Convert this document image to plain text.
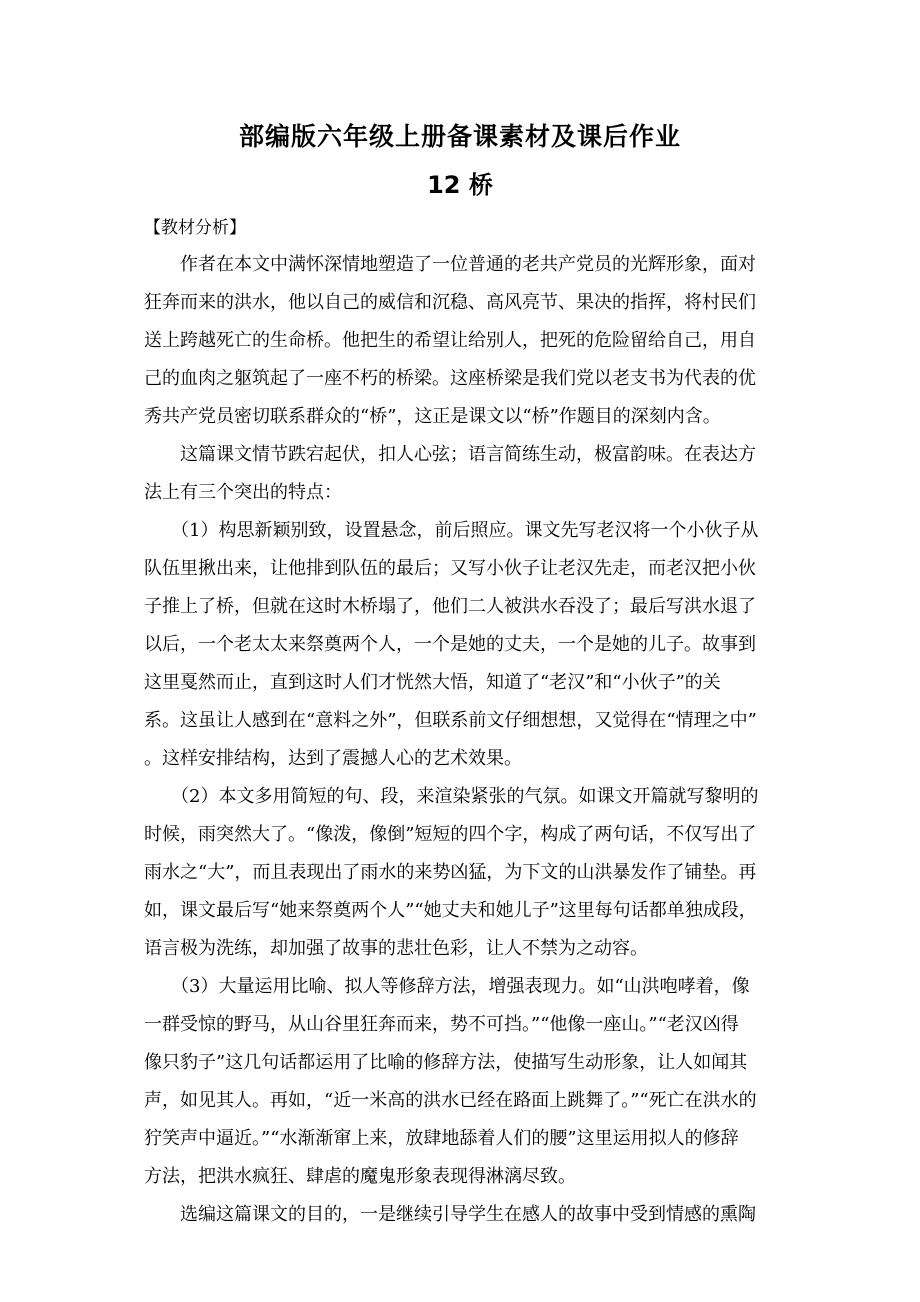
部编版六年级上册备课素材及课后作业
12 桥
【教材分析】
　　作者在本文中满怀深情地塑造了一位普通的老共产党员的光辉形象，面对
狂奔而来的洪水，他以自己的威信和沉稳、高风亮节、果决的指挥，将村民们
送上跨越死亡的生命桥。他把生的希望让给别人，把死的危险留给自己，用自
己的血肉之躯筑起了一座不朽的桥梁。这座桥梁是我们党以老支书为代表的优
秀共产党员密切联系群众的“桥”，这正是课文以“桥”作题目的深刻内含。
　　这篇课文情节跌宕起伏，扣人心弦；语言简练生动，极富韵味。在表达方
法上有三个突出的特点：
　　（1）构思新颖别致，设置悬念，前后照应。课文先写老汉将一个小伙子从
队伍里揪出来，让他排到队伍的最后；又写小伙子让老汉先走，而老汉把小伙
子推上了桥，但就在这时木桥塌了，他们二人被洪水吞没了；最后写洪水退了
以后，一个老太太来祭奠两个人，一个是她的丈夫，一个是她的儿子。故事到
这里戛然而止，直到这时人们才恍然大悟，知道了“老汉”和“小伙子”的关
系。这虽让人感到在“意料之外”，但联系前文仔细想想，又觉得在“情理之中”
。这样安排结构，达到了震撼人心的艺术效果。
　　（2）本文多用简短的句、段，来渲染紧张的气氛。如课文开篇就写黎明的
时候，雨突然大了。“像泼，像倒”短短的四个字，构成了两句话，不仅写出了
雨水之“大”，而且表现出了雨水的来势凶猛，为下文的山洪暴发作了铺垫。再
如，课文最后写“她来祭奠两个人”“她丈夫和她儿子”这里每句话都单独成段，
语言极为洗练，却加强了故事的悲壮色彩，让人不禁为之动容。
　　（3）大量运用比喻、拟人等修辞方法，增强表现力。如“山洪咆哮着，像
一群受惊的野马，从山谷里狂奔而来，势不可挡。”“他像一座山。”“老汉凶得
像只豹子”这几句话都运用了比喻的修辞方法，使描写生动形象，让人如闻其
声，如见其人。再如，“近一米高的洪水已经在路面上跳舞了。”“死亡在洪水的
狞笑声中逼近。”“水渐渐窜上来，放肆地舔着人们的腰”这里运用拟人的修辞
方法，把洪水疯狂、肆虐的魔鬼形象表现得淋漓尽致。
　　选编这篇课文的目的，一是继续引导学生在感人的故事中受到情感的熏陶
